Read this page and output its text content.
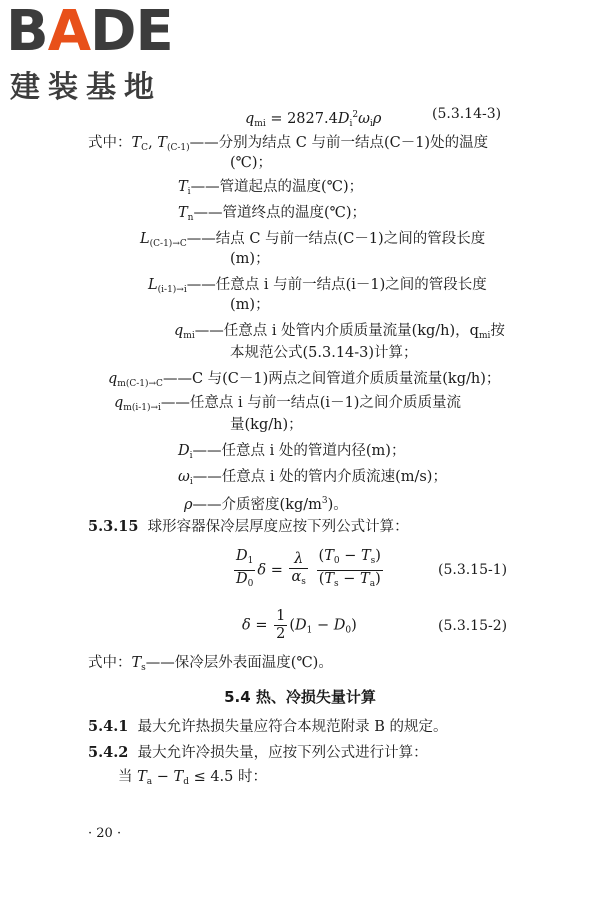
BADE
建装基地
$q_{mi} = 2827.4D_i^2\omega_i\rho$	(5.3.14-3)
式中：$T_C$, $T_{(C-1)}——$分别为结点 C 与前一结点(C－1)处的温度
(℃)；
$T_i——$管道起点的温度(℃)；
$T_n——$管道终点的温度(℃)；
$L_{(C-1)\to C}——$结点 C 与前一结点(C－1)之间的管段长度
(m)；
$L_{(i-1)\to i}——$任意点 i 与前一结点(i－1)之间的管段长度
(m)；
$q_{mi}——$任意点 i 处管内介质质量流量(kg/h)，$q_{mi}$按
本规范公式(5.3.14-3)计算；
$q_{m(C-1)\to C}——C$ 与(C－1)两点之间管道介质质量流量(kg/h)；
$q_{m(i-1)\to i}——$任意点 i 与前一结点(i－1)之间介质质量流
量(kg/h)；
$D_i——$任意点 i 处的管道内径(m)；
$\omega_i——$任意点 i 处的管内介质流速(m/s)；
ρ——介质密度$(kg/m^3)$。
5.3.15 球形容器保冷层厚度应按下列公式计算：
$\frac{D_1}{D_0}$ $\delta = \frac{\lambda}{\alpha_s}$
$\frac{(T_0 - T_s)}{(T_s - T_a)}$	(5.3.15-1)
$\delta = \frac{1}{2} (D_1 - D_0)$	(5.3.15-2)
式中：$T_s——$保冷层外表面温度(℃)。
5.4 热、冷损失量计算
5.4.1 最大允许热损失量应符合本规范附录 B 的规定。
5.4.2 最大允许冷损失量，应按下列公式进行计算：
当 $T_a - T_d \le 4.5$ 时：
· 20 ·
